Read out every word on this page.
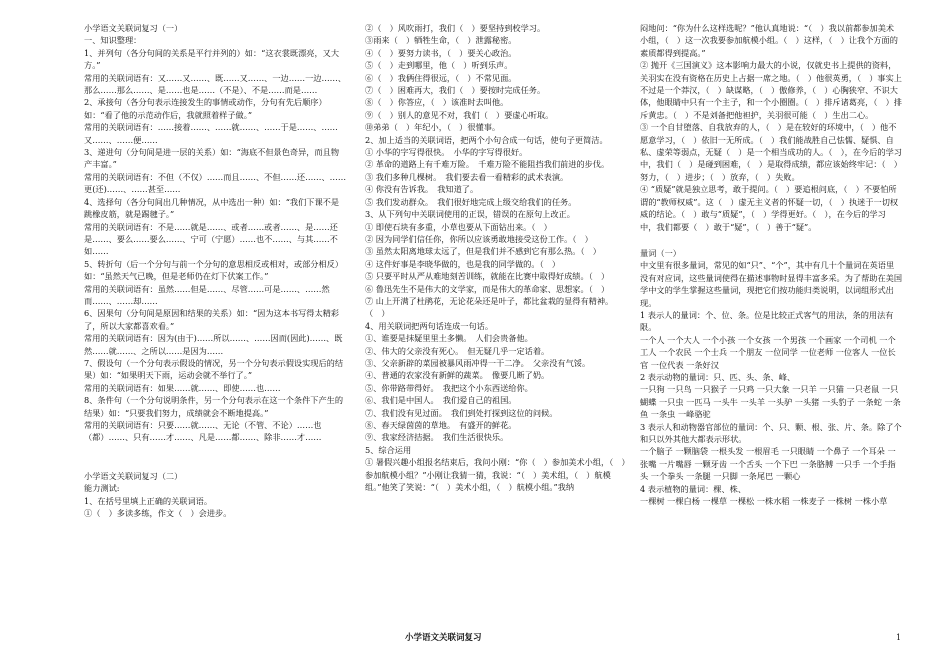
小学语文关联词复习（一）

一、知识整理：

1、并列句（各分句间的关系是平行并列的）如：“这衣裳既漂亮，又大方。”

常用的关联词语有：又……又……、既……又……、一边……一边……、那么……那么……、是……也是……（不是）、不是……而是……

2、承接句（各分句表示连接发生的事情或动作，分句有先后顺序）如：“看了他的示范动作后，我就照着样子做。”

常用的关联词语有：……接着……、……就……、……于是……、……又……、……便……

3、递进句（分句间是进一层的关系）如：“海底不但景色奇异，而且物产丰富。”

常用的关联词语有：不但（不仅）……而且……、不但……还……、……更(还)……、……甚至……

4、选择句（各分句间出几种情况，从中选出一种）如：“我们下课不是跳橡皮筋，就是踢毽子。”

常用的关联词语有：不是……就是……、或者……或者……、是……还是……、要么……要么……、宁可（宁愿）……也不……、与其……不如……

5、转折句（后一个分句与前一个分句的意思相反或相对，或部分相反）如：“虽然天气已晚，但是老师仍在灯下伏案工作。”

常用的关联词语有：虽然……但是……、尽管……可是……、……然而……、……却……

6、因果句（分句间是原因和结果的关系）如：“因为这本书写得太精彩了，所以大家都喜欢看。”

常用的关联词语有：因为(由于)……所以……、……因而(因此)……、既然……就……、之所以……是因为……

7、假设句（一个分句表示假设的情况，另一个分句表示假设实现后的结果）如：“如果明天下雨，运动会就不举行了。”

常用的关联词语有：如果……就……、即使……也……

8、条件句（一个分句说明条件，另一个分句表示在这一个条件下产生的结果）如：“只要我们努力，成绩就会不断地提高。”

常用的关联词语有：只要……就……、无论（不管、不论）……也（都）……、只有……才……、凡是……都……、除非……才……

小学语文关联词复习（二）

能力测试:

1、在括号里填上正确的关联词语。

①（　）多读多练，作文（　）会进步。

②（　）风吹雨打，我们（　）要坚持到校学习。

③雨来（　）牺牲生命，（　）泄露秘密。

④（　）要努力读书，（　）要关心政治。

⑤（　）走到哪里，他（　）听到乐声。

⑥（　）我俩住得很远，（　）不常见面。

⑦（　）困难再大，我们（　）要按时完成任务。

⑧（　）你答应，（　）该准时去叫他。

⑨（　）别人的意见不对，我们（　）要虚心听取。

⑩弟弟（　）年纪小，（　）很懂事。

2、加上适当的关联词语，把两个小句合成一句话，使句子更简洁。

① 小华的字写得很快。　小华的字写得很好。

② 革命的道路上有千难万险。　千难万险不能阻挡我们前进的步伐。

③ 我们多种几棵树。　我们要去看一看精彩的武术表演。

④ 你没有告诉我。　我知道了。

⑤ 我们发动群众。　我们很好地完成上级交给我们的任务。

3、从下列句中关联词使用的正误，错误的在原句上改正。

① 即使石块有多重，小草也要从下面钻出来。（　）

② 因为同学们信任你，你所以应该勇敢地接受这份工作。（　）

③ 虽然太阳离地球太远了，但是我们并不感到它有那么热。（　）

④ 这件好事是李晓华做的，也是我的同学做的。（　）

⑤ 只要平时从严从难地刻苦训练，就能在比赛中取得好成绩。（　）

⑥ 鲁迅先生不是伟大的文学家，而是伟大的革命家、思想家。（　）

⑦ 山上开满了杜鹃花，无论花朵还是叶子，都比盆栽的显得有精神。（　）

4、用关联词把两句话连成一句话。

①、谁要是抹疑里里土多懒。　人们会贵备他。

②、伟大的父亲没有死心。　但无疑几乎一定话着。

③、父亲新辟的菜园被暴风雨冲得一干二净。　父亲没有气馁。

④、普通的农家没有新鲜的蔬菜。　像要几断了奶。

⑤、你带路带得好。　我把这个小东西送给你。

⑥、我们是中国人。　我们爱自己的祖国。

⑦、我们没有见过面。　我们到处打探到这位的问候。

⑧、春天绿茵茵的草地。　有盛开的鲜花。

⑨、我家经济拮据。　我们生活很快乐。

5、综合运用

① 暑假兴趣小组报名结束后，我问小刚：“你（　）参加美术小组，（　）参加航模小组？”小刚让我猜一猜，我说：“（　）美术组，（　）航模组。”他笑了笑说：“（　）美术小组，（　）航模小组。”我纳

闷地问：“你为什么这样选呢？”他认真地说：“（　）我以前都参加美术小组，（　）这一次我要参加航模小组。（　）这样，（　）让我个方面的素质都得到提高。”

② 抛开《三国演义》这本影响力最大的小说，仅就史书上提供的资料，关羽实在没有资格在历史上占据一席之地。（　）他很英勇，（　）事实上不过是一个莽汉，（　）缺谋略，（　）傲修养，（　）心胸狭窄、不识大体，他眼睛中只有一个主子，和一个小圈圈。（　）排斥诸葛亮，（　）排斥黄忠。（　）不是刘备把他袒护，关羽很可能（　）生出二心。

③ 一个自甘堕落、自我放弃的人，（　）是在较好的环境中，（　）他不愿意学习，（　）依旧一无所成。（　）我们能战胜自己怯懦、疑惧、自私、虚荣等弱点，无疑（　）是一个相当成功的人。（　），在今后的学习中，我们（　）是碰到困难，（　）是取得成绩，都应该始终牢记：（　）努力，（　）进步；（　）放弃，（　）失败。

④ “质疑”就是独立思考，敢于提问。（　）要追根问底，（　）不要怕所谓的“教师权威”。这（　）虚无主义者的怀疑一切，（　）执迷于一切权威的结论。（　）敢与“质疑”，（　）学得更好。（　），在今后的学习中，我们都要（　）敢于“疑”，（　）善于“疑”。

量词（一）

中文里有很多量词，常见的如“只”、“个”，其中有几十个量词在英语里没有对应词，这些量词使得在描述事物时显得丰富多采。为了帮助在美国学中文的学生掌握这些量词，现把它们按功能归类说明，以词组形式出现。

1 表示人的量词：个、位、条。位是比较正式客气的用法，条的用法有限。

一个人 一个大人 一个小孩 一个女孩 一个男孩 一个画家 一个司机 一个工人 一个农民 一个士兵 一个朋友 一位同学 一位老师 一位客人 一位长官 一位代表 一条好汉

2 表示动物的量词：只、匹、头、条、峰、

一只狗 一只鸟 一只猴子 一只鸡 一只大象 一只羊 一只猫 一只老鼠 一只蝴蝶 一只虫 一匹马 一头牛 一头羊 一头驴 一头猪 一头豹子 一条蛇 一条鱼 一条虫 一峰骆驼

3 表示人和动物器官部位的量词：个、只、颗、根、张、片、条。除了个和只以外其他大都表示形状。

一个脑子 一颗脑袋 一根头发 一根眉毛 一只眼睛 一个鼻子 一个耳朵 一张嘴 一片嘴唇 一颗牙齿 一个舌头 一个下巴 一条胳膊 一只手 一个手指头 一个拳头 一条腿 一只脚 一条尾巴 一颗心

4 表示植物的量词：棵、株、

一棵树 一棵白杨 一棵草 一棵松 一株水稻 一株麦子 一株树 一株小草

小学语文关联词复习	1
